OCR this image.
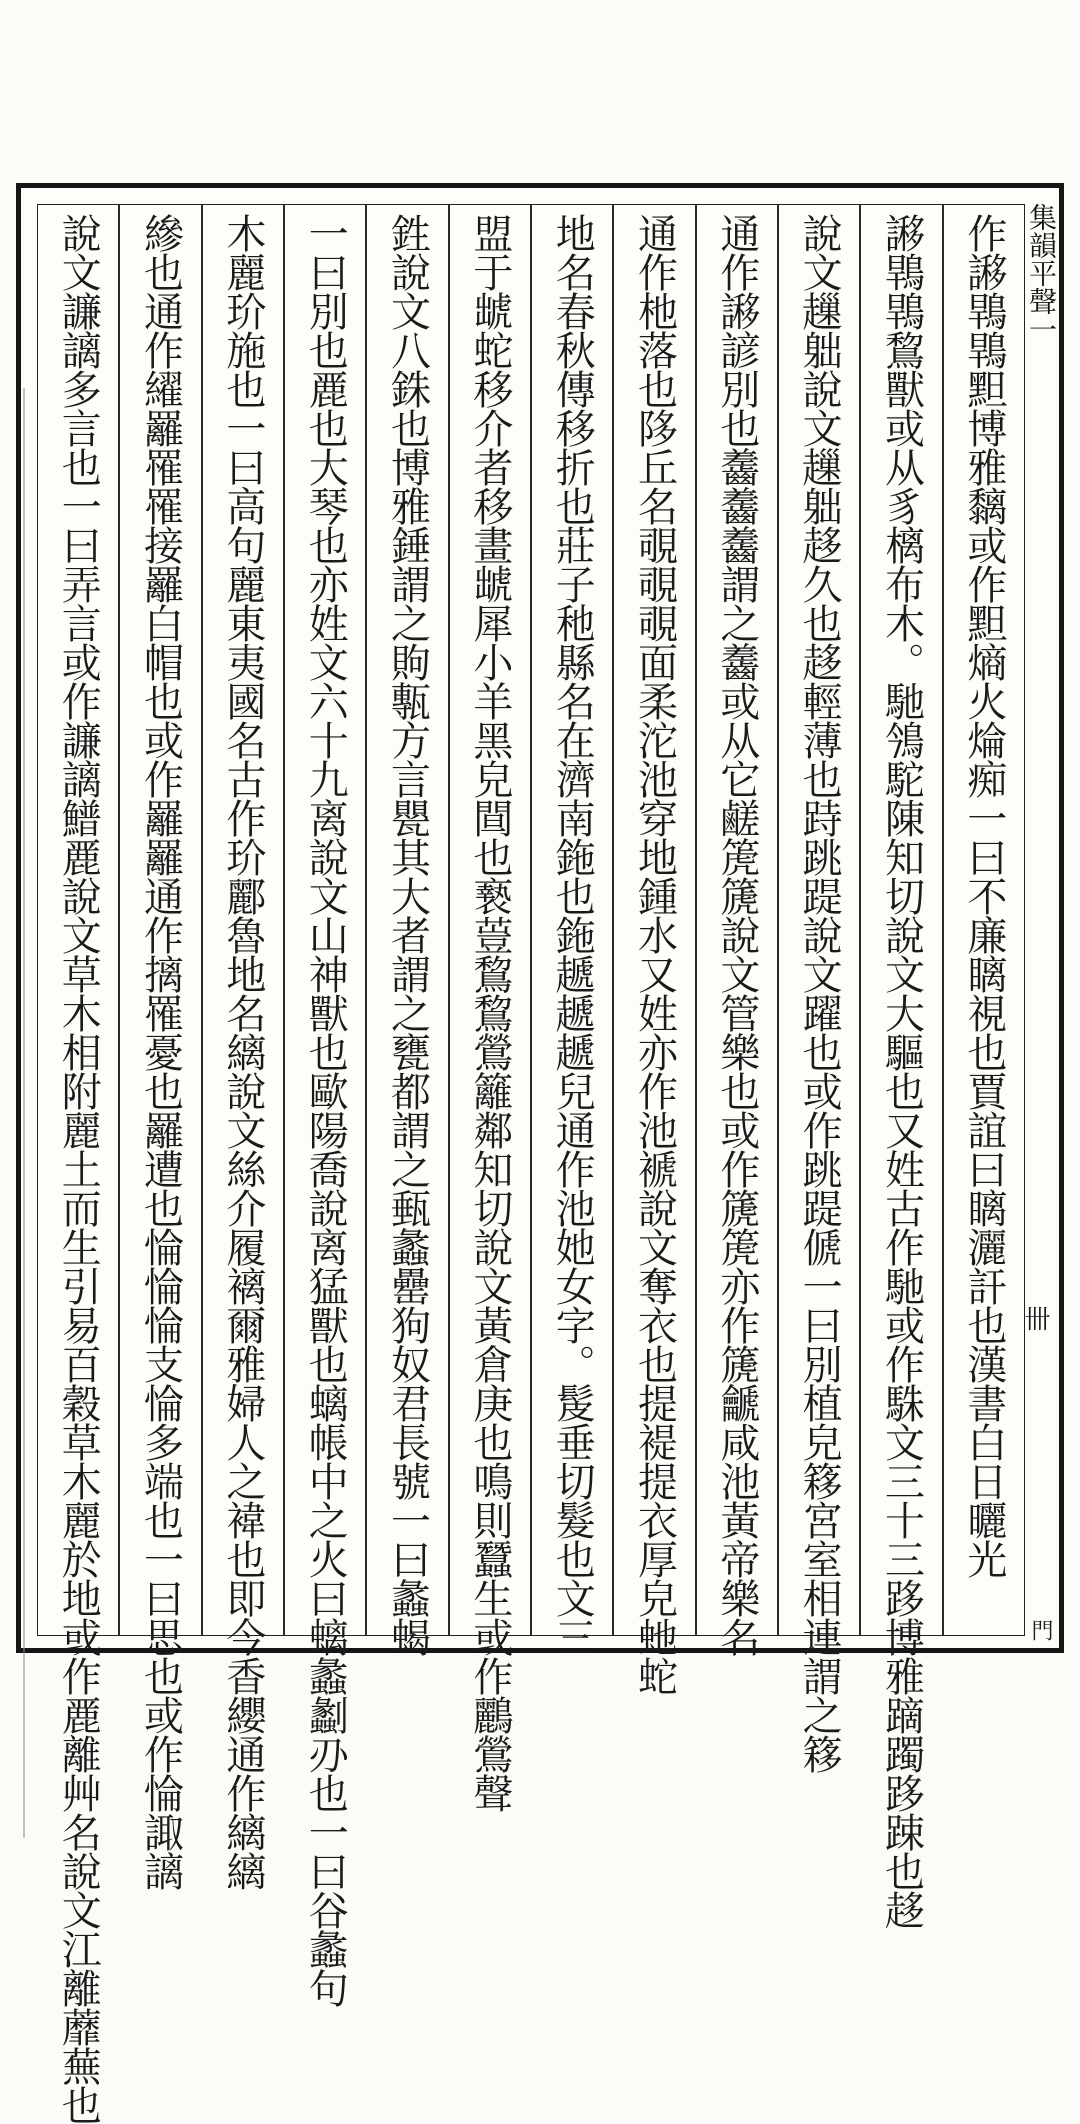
作謻䳚䳚䵣博雅黐或作䵣熵火㷍痴一曰不廉瞝視也賈誼曰瞝灑訐也漢書白日曬光
謻䳚䳚鵹獸或从豸樆布木。馳鳹駝陳知切說文大驅也又姓古作馳或作駯文三十三跢博雅蹢躅跢踈也趍
說文䟁䠳說文䟁䠳趍久也趍輕薄也跱跳踶說文躍也或作跳踶傂一曰別植皃簃宮室相連謂之簃
通作謻諺別也齹齹齹謂之齹或从它鹺箎篪說文管樂也或作篪箎亦作篪䶵咸池黃帝樂名
通作杝落也陊丘名覗覗覗面柔沱池穿地鍾水又姓亦作池褫說文奪衣也提褆提衣厚皃虵蛇
地名春秋傳移折也莊子䄬縣名在濟南鉇也鉇䞾䞾䞾兒通作池她女字。髲垂切髮也文三
盟于䖓蛇移介者移畫䖓犀小羊黑皃䦔也䙝䔇鵹鵹鶯籬鄰知切說文黃倉庚也鳴則蠶生或作鸝鶯聲
鉎說文八銖也博雅錘謂之䝭甎方言甖其大者謂之甕都謂之甀蠡罍狗奴君長號一曰蠡蝎
一曰別也䴡也大琴也亦姓文六十九离說文山神獸也歐陽喬說离猛獸也螭帳中之火曰螭蠡劙刅也一曰谷蠡句
木麗玠施也一曰高句麗東夷國名古作玠酈魯地名縭說文絲介履褵爾雅婦人之褘也即今香纓通作縭縭
縿也通作䌦䍦罹罹接䍦白帽也或作䍦䍦通作摛罹憂也䍦遭也惀惀惀支惀多端也一曰思也或作惀諏謧
說文譧謧多言也一曰弄言或作譧謧䲕䴡說文草木相附麗土而生引易百穀草木麗於地或作䴡離艸名說文江離蘼蕪也	集韻平聲一
卌
門
